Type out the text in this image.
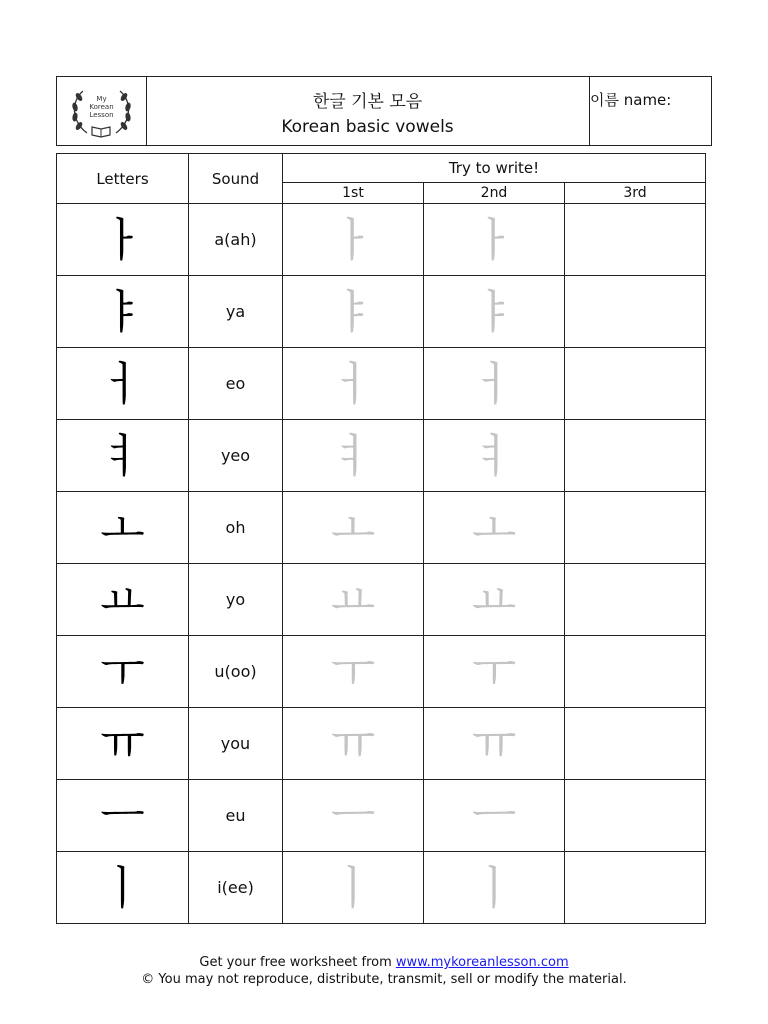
My
Korean
Lesson
한글 기본 모음
Korean basic vowels
이름 name:
Letters	Sound	Try to write!		
		1st	2nd	3rd
ㅏ	a(ah)	ㅏ	ㅏ	
ㅑ	ya	ㅑ	ㅑ	
ㅓ	eo	ㅓ	ㅓ	
ㅕ	yeo	ㅕ	ㅕ	
ㅗ	oh	ㅗ	ㅗ	
ㅛ	yo	ㅛ	ㅛ	
ㅜ	u(oo)	ㅜ	ㅜ	
ㅠ	you	ㅠ	ㅠ	
ㅡ	eu	ㅡ	ㅡ	
ㅣ	i(ee)	ㅣ	ㅣ	
Get your free worksheet from www.mykoreanlesson.com
© You may not reproduce, distribute, transmit, sell or modify the material.
